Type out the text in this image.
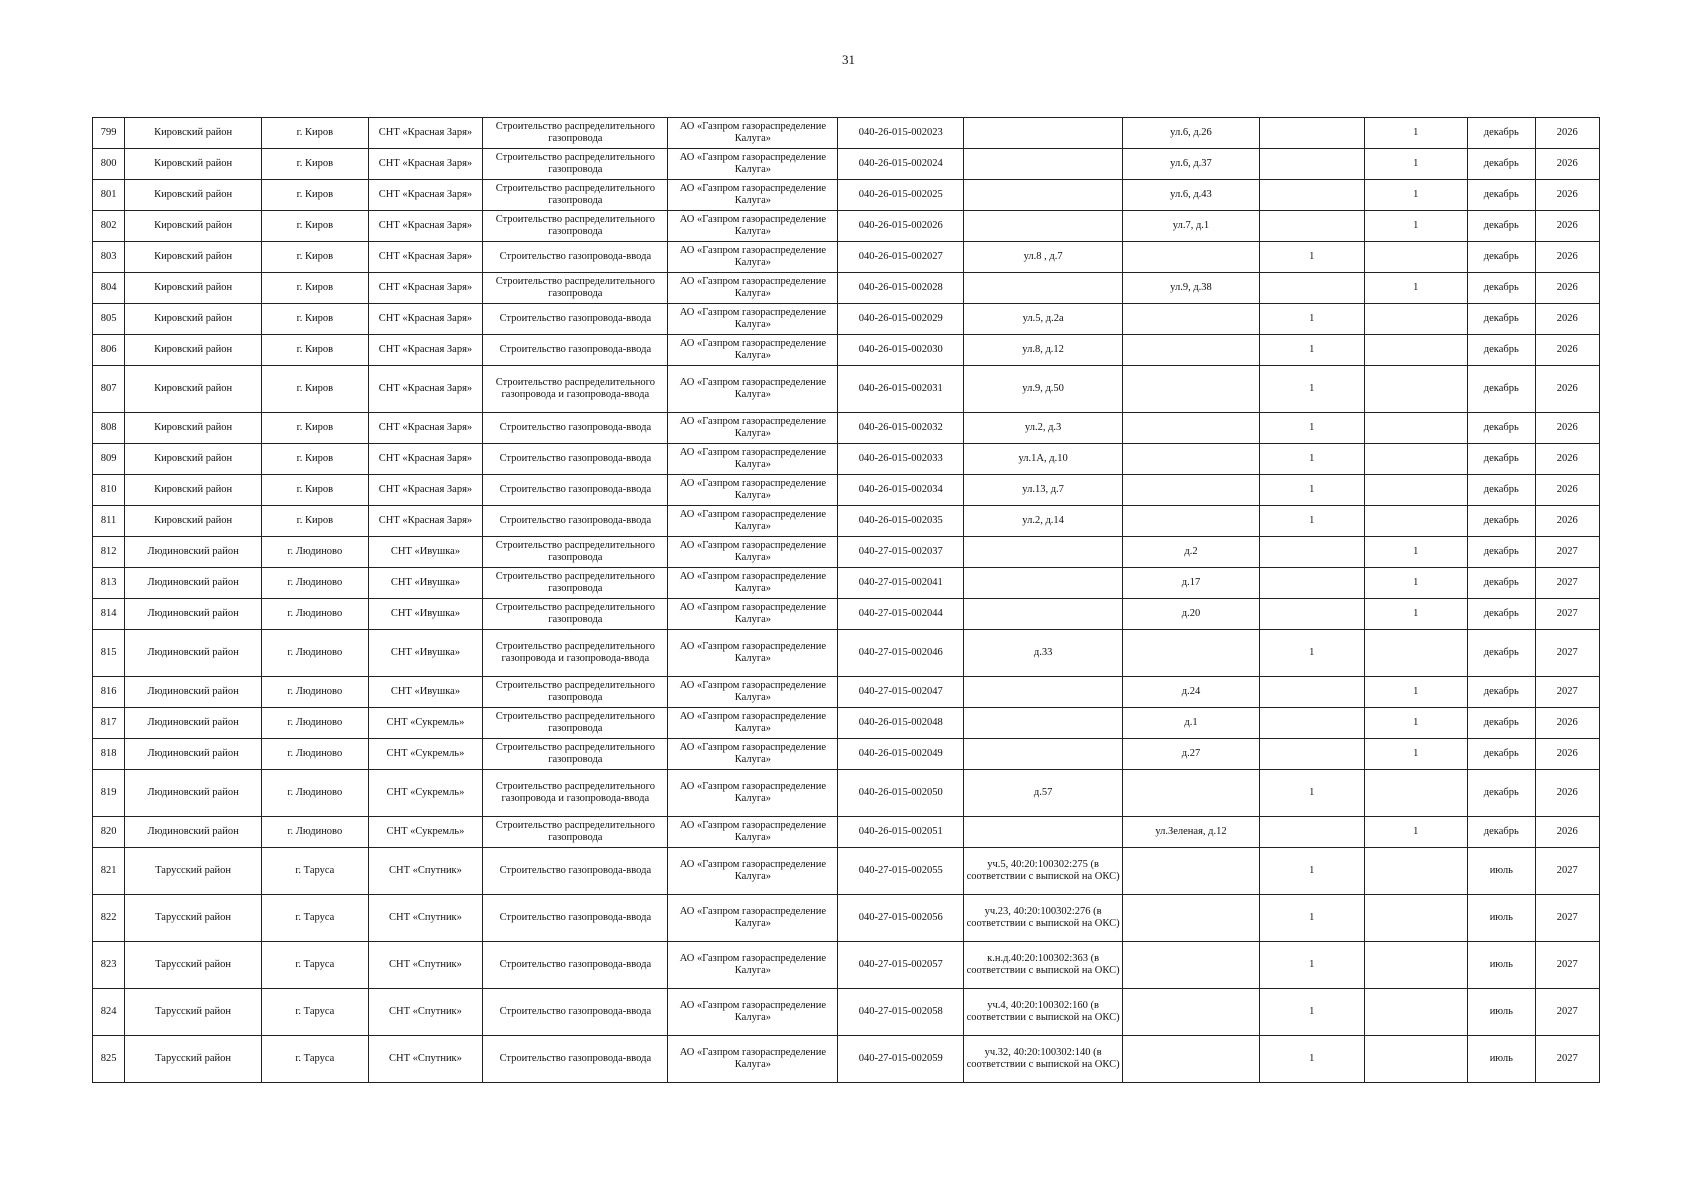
31
799	Кировский район	г. Киров	СНТ «Красная Заря»	Строительство распределительного газопровода	АО «Газпром газораспределение Калуга»	040-26-015-002023		ул.6, д.26		1	декабрь	2026
800	Кировский район	г. Киров	СНТ «Красная Заря»	Строительство распределительного газопровода	АО «Газпром газораспределение Калуга»	040-26-015-002024		ул.6, д.37		1	декабрь	2026
801	Кировский район	г. Киров	СНТ «Красная Заря»	Строительство распределительного газопровода	АО «Газпром газораспределение Калуга»	040-26-015-002025		ул.6, д.43		1	декабрь	2026
802	Кировский район	г. Киров	СНТ «Красная Заря»	Строительство распределительного газопровода	АО «Газпром газораспределение Калуга»	040-26-015-002026		ул.7, д.1		1	декабрь	2026
803	Кировский район	г. Киров	СНТ «Красная Заря»	Строительство газопровода-ввода	АО «Газпром газораспределение Калуга»	040-26-015-002027	ул.8 , д.7		1		декабрь	2026
804	Кировский район	г. Киров	СНТ «Красная Заря»	Строительство распределительного газопровода	АО «Газпром газораспределение Калуга»	040-26-015-002028		ул.9, д.38		1	декабрь	2026
805	Кировский район	г. Киров	СНТ «Красная Заря»	Строительство газопровода-ввода	АО «Газпром газораспределение Калуга»	040-26-015-002029	ул.5, д.2а		1		декабрь	2026
806	Кировский район	г. Киров	СНТ «Красная Заря»	Строительство газопровода-ввода	АО «Газпром газораспределение Калуга»	040-26-015-002030	ул.8, д.12		1		декабрь	2026
807	Кировский район	г. Киров	СНТ «Красная Заря»	Строительство распределительного газопровода и газопровода-ввода	АО «Газпром газораспределение Калуга»	040-26-015-002031	ул.9, д.50		1		декабрь	2026
808	Кировский район	г. Киров	СНТ «Красная Заря»	Строительство газопровода-ввода	АО «Газпром газораспределение Калуга»	040-26-015-002032	ул.2, д.3		1		декабрь	2026
809	Кировский район	г. Киров	СНТ «Красная Заря»	Строительство газопровода-ввода	АО «Газпром газораспределение Калуга»	040-26-015-002033	ул.1А, д.10		1		декабрь	2026
810	Кировский район	г. Киров	СНТ «Красная Заря»	Строительство газопровода-ввода	АО «Газпром газораспределение Калуга»	040-26-015-002034	ул.13, д.7		1		декабрь	2026
811	Кировский район	г. Киров	СНТ «Красная Заря»	Строительство газопровода-ввода	АО «Газпром газораспределение Калуга»	040-26-015-002035	ул.2, д.14		1		декабрь	2026
812	Людиновский район	г. Людиново	СНТ «Ивушка»	Строительство распределительного газопровода	АО «Газпром газораспределение Калуга»	040-27-015-002037		д.2		1	декабрь	2027
813	Людиновский район	г. Людиново	СНТ «Ивушка»	Строительство распределительного газопровода	АО «Газпром газораспределение Калуга»	040-27-015-002041		д.17		1	декабрь	2027
814	Людиновский район	г. Людиново	СНТ «Ивушка»	Строительство распределительного газопровода	АО «Газпром газораспределение Калуга»	040-27-015-002044		д.20		1	декабрь	2027
815	Людиновский район	г. Людиново	СНТ «Ивушка»	Строительство распределительного газопровода и газопровода-ввода	АО «Газпром газораспределение Калуга»	040-27-015-002046	д.33		1		декабрь	2027
816	Людиновский район	г. Людиново	СНТ «Ивушка»	Строительство распределительного газопровода	АО «Газпром газораспределение Калуга»	040-27-015-002047		д.24		1	декабрь	2027
817	Людиновский район	г. Людиново	СНТ «Сукремль»	Строительство распределительного газопровода	АО «Газпром газораспределение Калуга»	040-26-015-002048		д.1		1	декабрь	2026
818	Людиновский район	г. Людиново	СНТ «Сукремль»	Строительство распределительного газопровода	АО «Газпром газораспределение Калуга»	040-26-015-002049		д.27		1	декабрь	2026
819	Людиновский район	г. Людиново	СНТ «Сукремль»	Строительство распределительного газопровода и газопровода-ввода	АО «Газпром газораспределение Калуга»	040-26-015-002050	д.57		1		декабрь	2026
820	Людиновский район	г. Людиново	СНТ «Сукремль»	Строительство распределительного газопровода	АО «Газпром газораспределение Калуга»	040-26-015-002051		ул.Зеленая, д.12		1	декабрь	2026
821	Тарусский район	г. Таруса	СНТ «Спутник»	Строительство газопровода-ввода	АО «Газпром газораспределение Калуга»	040-27-015-002055	уч.5, 40:20:100302:275 (в соответствии с выпиской на ОКС)		1		июль	2027
822	Тарусский район	г. Таруса	СНТ «Спутник»	Строительство газопровода-ввода	АО «Газпром газораспределение Калуга»	040-27-015-002056	уч.23, 40:20:100302:276 (в соответствии с выпиской на ОКС)		1		июль	2027
823	Тарусский район	г. Таруса	СНТ «Спутник»	Строительство газопровода-ввода	АО «Газпром газораспределение Калуга»	040-27-015-002057	к.н.д.40:20:100302:363 (в соответствии с выпиской на ОКС)		1		июль	2027
824	Тарусский район	г. Таруса	СНТ «Спутник»	Строительство газопровода-ввода	АО «Газпром газораспределение Калуга»	040-27-015-002058	уч.4, 40:20:100302:160 (в соответствии с выпиской на ОКС)		1		июль	2027
825	Тарусский район	г. Таруса	СНТ «Спутник»	Строительство газопровода-ввода	АО «Газпром газораспределение Калуга»	040-27-015-002059	уч.32, 40:20:100302:140 (в соответствии с выпиской на ОКС)		1		июль	2027
